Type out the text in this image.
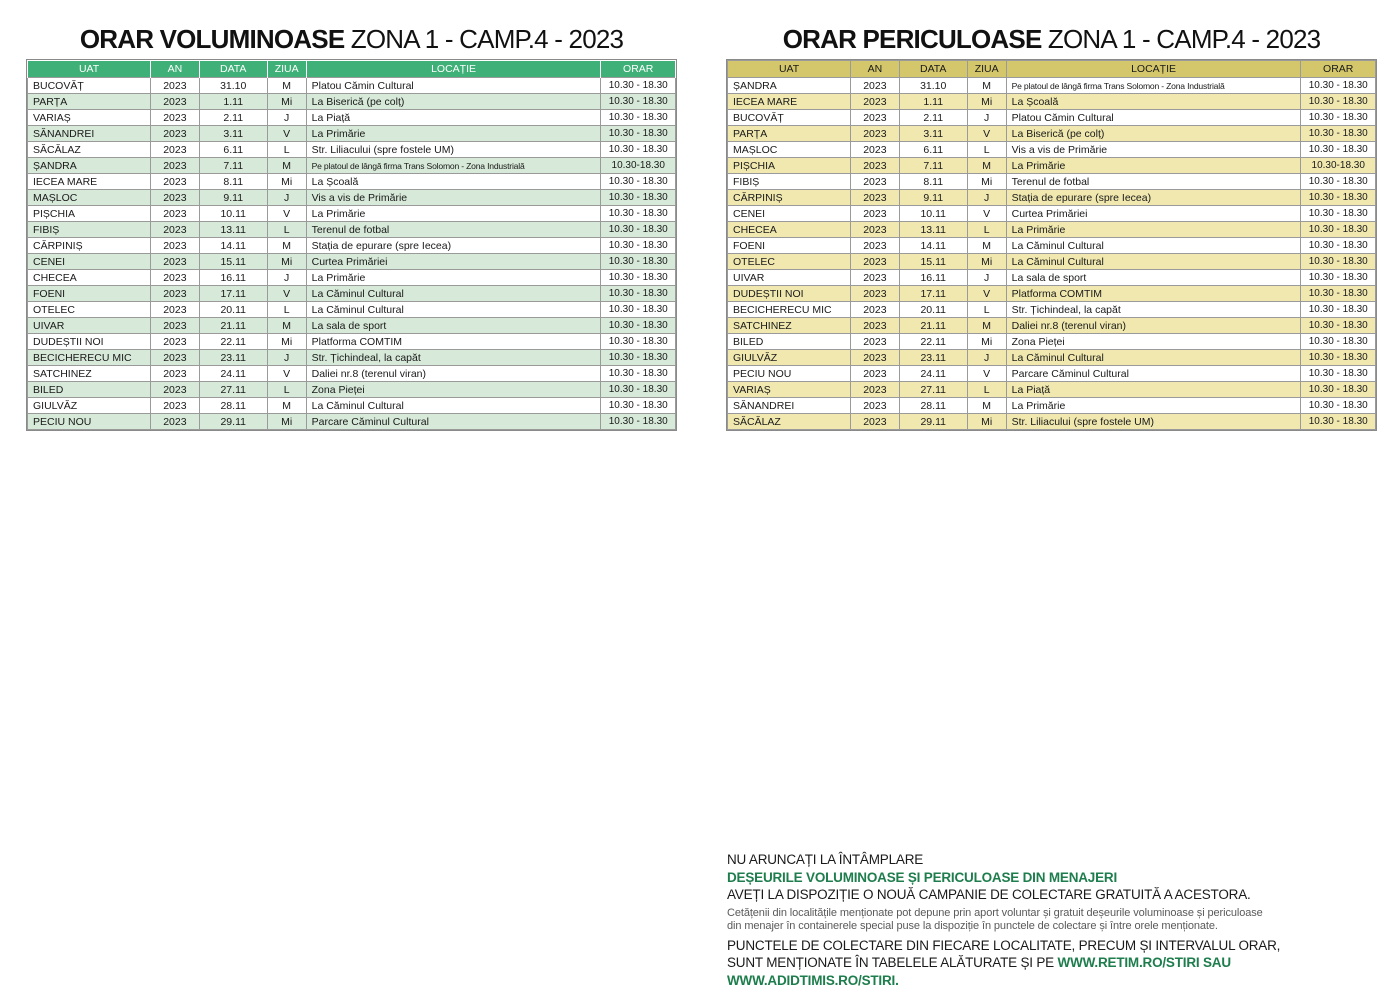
ORAR VOLUMINOASE ZONA 1 - CAMP.4 - 2023
UAT	AN	DATA	ZIUA	LOCAȚIE	ORAR
BUCOVĂȚ	2023	31.10	M	Platou Cămin Cultural	10.30 - 18.30
PARȚA	2023	1.11	Mi	La Biserică (pe colț)	10.30 - 18.30
VARIAȘ	2023	2.11	J	La Piață	10.30 - 18.30
SĂNANDREI	2023	3.11	V	La Primărie	10.30 - 18.30
SĂCĂLAZ	2023	6.11	L	Str. Liliacului (spre fostele UM)	10.30 - 18.30
ȘANDRA	2023	7.11	M	Pe platoul de lângă firma Trans Solomon - Zona Industrială	10.30-18.30
IECEA MARE	2023	8.11	Mi	La Școală	10.30 - 18.30
MAȘLOC	2023	9.11	J	Vis a vis de Primărie	10.30 - 18.30
PIȘCHIA	2023	10.11	V	La Primărie	10.30 - 18.30
FIBIȘ	2023	13.11	L	Terenul de fotbal	10.30 - 18.30
CĂRPINIȘ	2023	14.11	M	Stația de epurare (spre Iecea)	10.30 - 18.30
CENEI	2023	15.11	Mi	Curtea Primăriei	10.30 - 18.30
CHECEA	2023	16.11	J	La Primărie	10.30 - 18.30
FOENI	2023	17.11	V	La Căminul Cultural	10.30 - 18.30
OTELEC	2023	20.11	L	La Căminul Cultural	10.30 - 18.30
UIVAR	2023	21.11	M	La sala de sport	10.30 - 18.30
DUDEȘTII NOI	2023	22.11	Mi	Platforma COMTIM	10.30 - 18.30
BECICHERECU MIC	2023	23.11	J	Str. Țichindeal, la capăt	10.30 - 18.30
SATCHINEZ	2023	24.11	V	Daliei nr.8 (terenul viran)	10.30 - 18.30
BILED	2023	27.11	L	Zona Pieței	10.30 - 18.30
GIULVĂZ	2023	28.11	M	La Căminul Cultural	10.30 - 18.30
PECIU NOU	2023	29.11	Mi	Parcare Căminul Cultural	10.30 - 18.30
ORAR PERICULOASE ZONA 1 - CAMP.4 - 2023
UAT	AN	DATA	ZIUA	LOCAȚIE	ORAR
ȘANDRA	2023	31.10	M	Pe platoul de lângă firma Trans Solomon - Zona Industrială	10.30 - 18.30
IECEA MARE	2023	1.11	Mi	La Școală	10.30 - 18.30
BUCOVĂȚ	2023	2.11	J	Platou Cămin Cultural	10.30 - 18.30
PARȚA	2023	3.11	V	La Biserică (pe colț)	10.30 - 18.30
MAȘLOC	2023	6.11	L	Vis a vis de Primărie	10.30 - 18.30
PIȘCHIA	2023	7.11	M	La Primărie	10.30-18.30
FIBIȘ	2023	8.11	Mi	Terenul de fotbal	10.30 - 18.30
CĂRPINIȘ	2023	9.11	J	Stația de epurare (spre Iecea)	10.30 - 18.30
CENEI	2023	10.11	V	Curtea Primăriei	10.30 - 18.30
CHECEA	2023	13.11	L	La Primărie	10.30 - 18.30
FOENI	2023	14.11	M	La Căminul Cultural	10.30 - 18.30
OTELEC	2023	15.11	Mi	La Căminul Cultural	10.30 - 18.30
UIVAR	2023	16.11	J	La sala de sport	10.30 - 18.30
DUDEȘTII NOI	2023	17.11	V	Platforma COMTIM	10.30 - 18.30
BECICHERECU MIC	2023	20.11	L	Str. Țichindeal, la capăt	10.30 - 18.30
SATCHINEZ	2023	21.11	M	Daliei nr.8 (terenul viran)	10.30 - 18.30
BILED	2023	22.11	Mi	Zona Pieței	10.30 - 18.30
GIULVĂZ	2023	23.11	J	La Căminul Cultural	10.30 - 18.30
PECIU NOU	2023	24.11	V	Parcare Căminul Cultural	10.30 - 18.30
VARIAȘ	2023	27.11	L	La Piață	10.30 - 18.30
SĂNANDREI	2023	28.11	M	La Primărie	10.30 - 18.30
SĂCĂLAZ	2023	29.11	Mi	Str. Liliacului (spre fostele UM)	10.30 - 18.30
NU ARUNCAȚI LA ÎNTÂMPLARE
DEȘEURILE VOLUMINOASE ȘI PERICULOASE DIN MENAJERI
AVEȚI LA DISPOZIȚIE O NOUĂ CAMPANIE DE COLECTARE GRATUITĂ A ACESTORA.
Cetățenii din localitățile menționate pot depune prin aport voluntar și gratuit deșeurile voluminoase și periculoase
din menajer în containerele special puse la dispoziție în punctele de colectare și între orele menționate.
PUNCTELE DE COLECTARE DIN FIECARE LOCALITATE, PRECUM ȘI INTERVALUL ORAR,
SUNT MENȚIONATE ÎN TABELELE ALĂTURATE ȘI PE WWW.RETIM.RO/STIRI SAU WWW.ADIDTIMIS.RO/STIRI.
